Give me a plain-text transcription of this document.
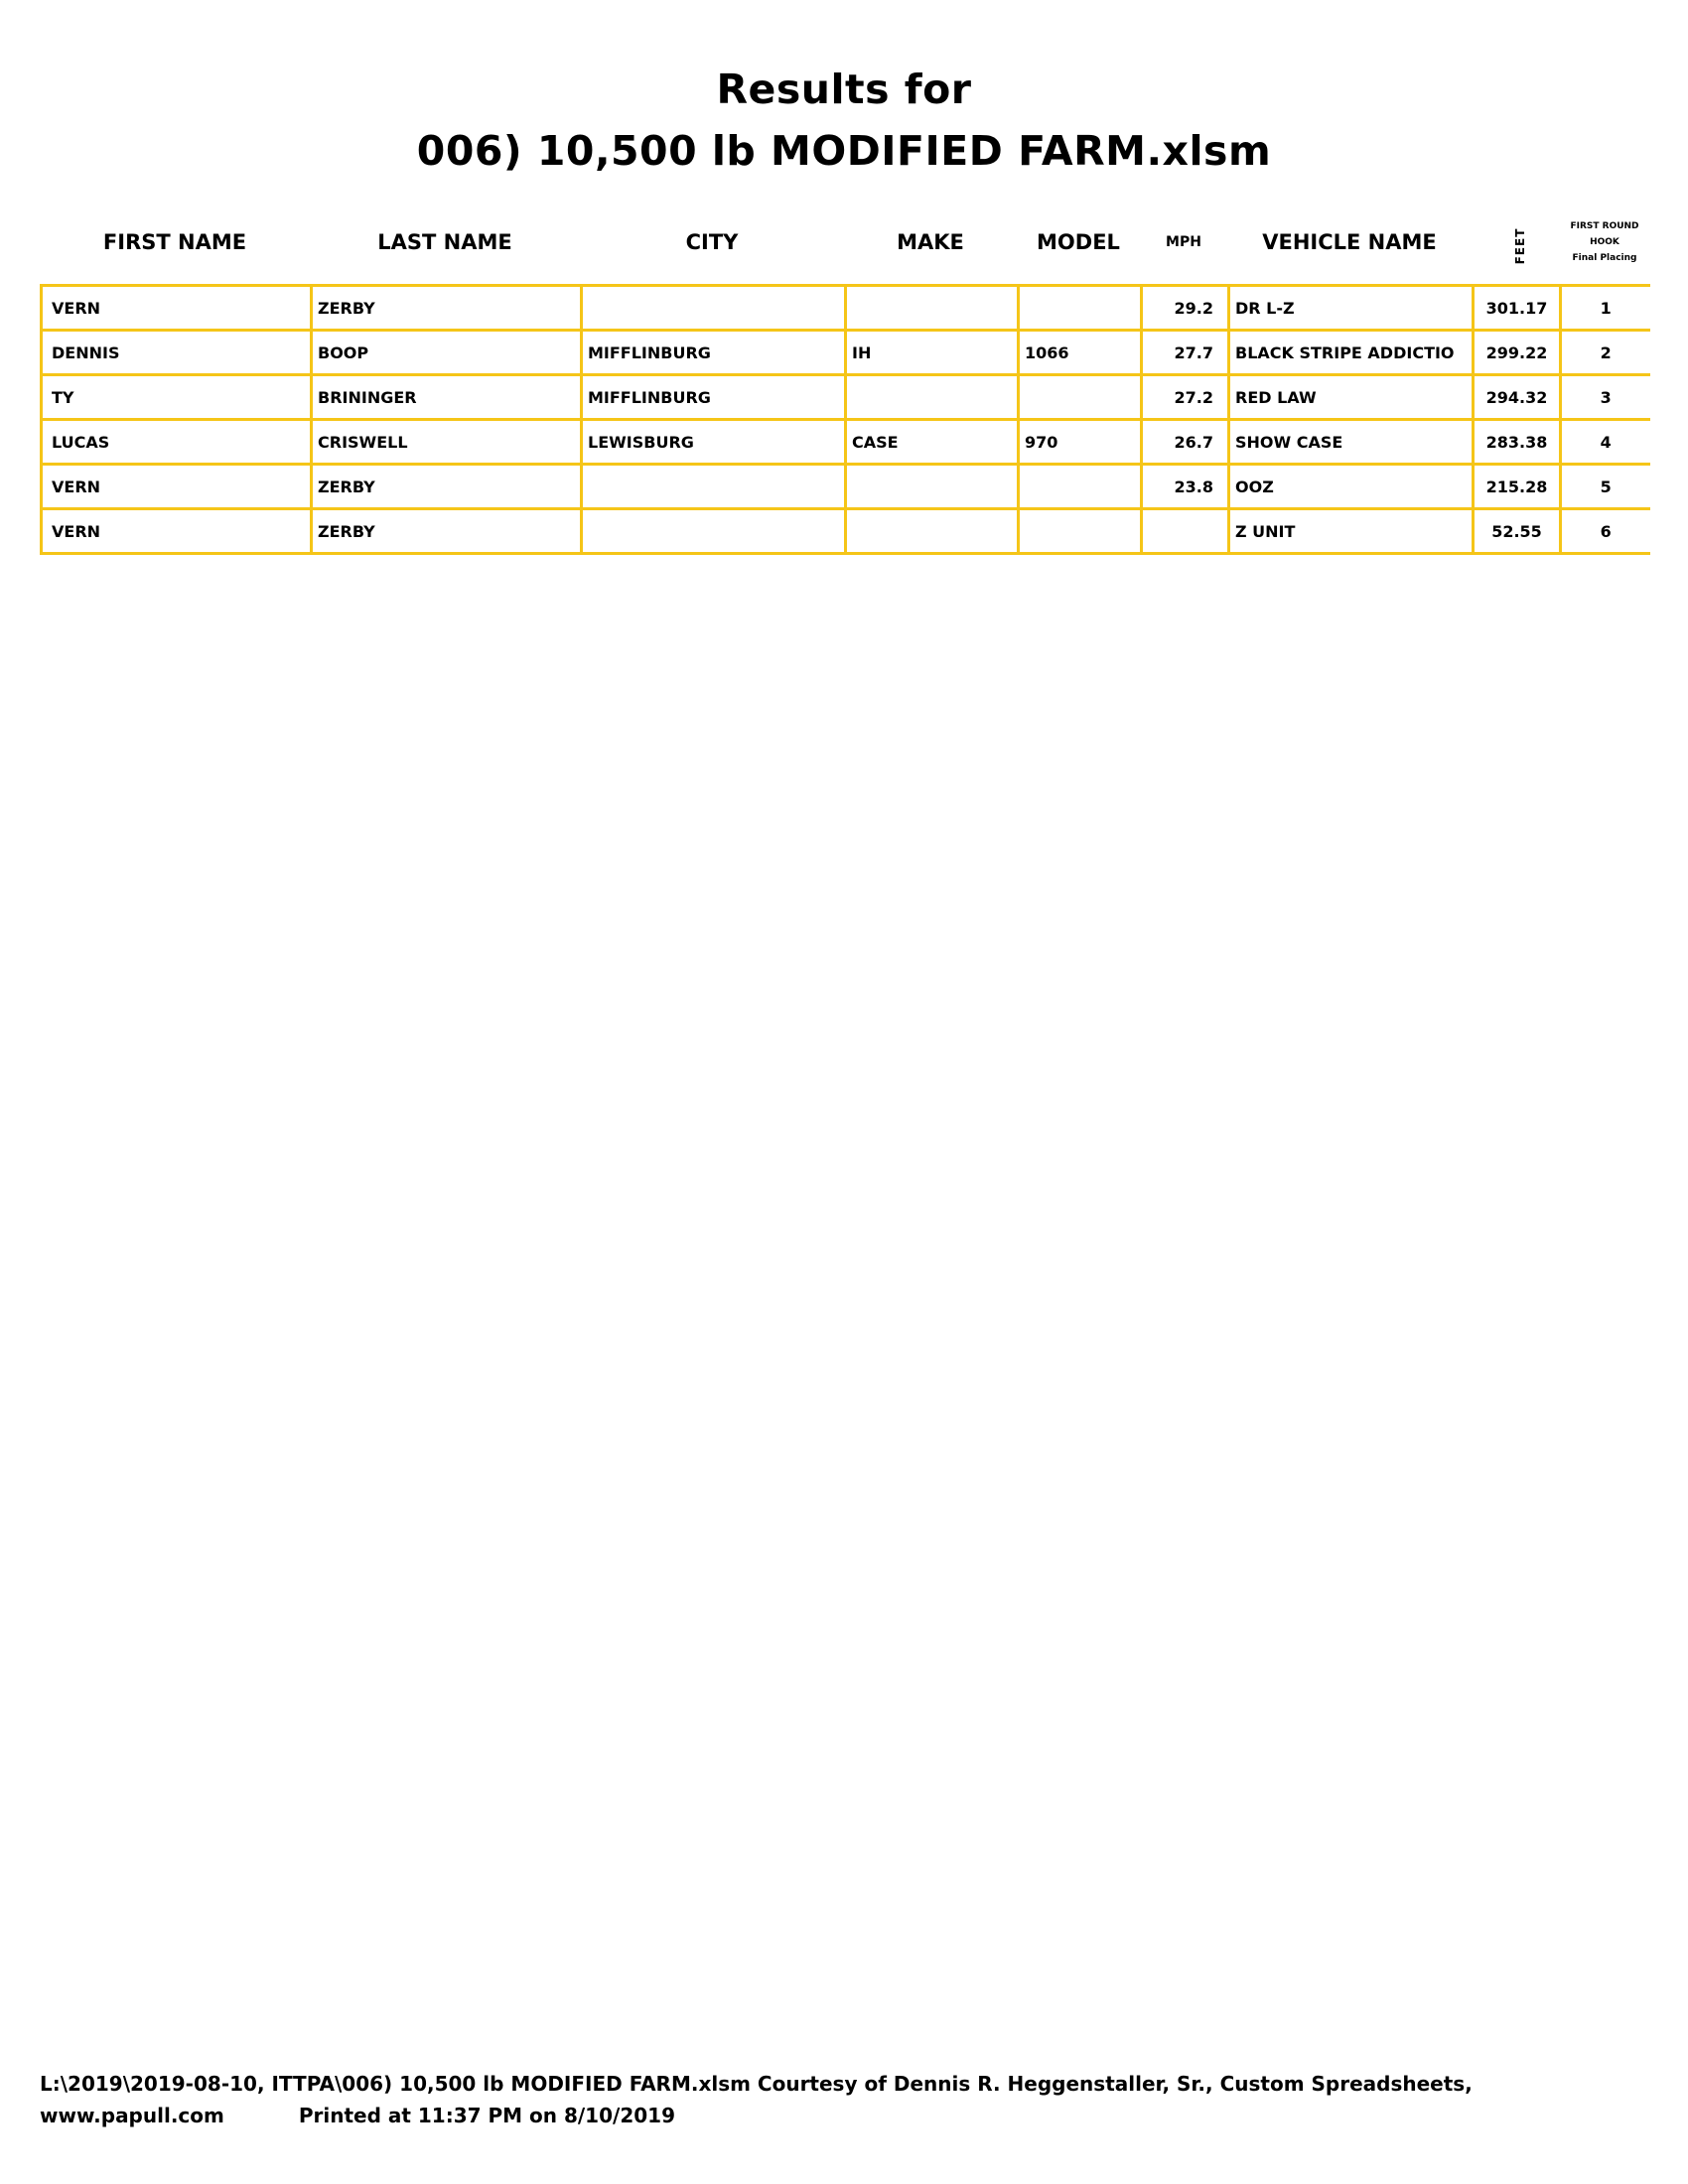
Results for
006) 10,500 lb MODIFIED FARM.xlsm
FIRST NAME	LAST NAME	CITY	MAKE	MODEL	MPH	VEHICLE NAME	FEET
FIRST ROUND
HOOK
Final Placing
VERN	ZERBY				29.2	DR L-Z	301.17	1
DENNIS	BOOP	MIFFLINBURG	IH	1066	27.7	BLACK STRIPE ADDICTIO	299.22	2
TY	BRININGER	MIFFLINBURG			27.2	RED LAW	294.32	3
LUCAS	CRISWELL	LEWISBURG	CASE	970	26.7	SHOW CASE	283.38	4
VERN	ZERBY				23.8	OOZ	215.28	5
VERN	ZERBY					Z UNIT	52.55	6
L:\2019\2019-08-10, ITTPA\006) 10,500 lb MODIFIED FARM.xlsm Courtesy of Dennis R. Heggenstaller, Sr., Custom Spreadsheets,
www.papull.com	Printed at 11:37 PM on 8/10/2019
